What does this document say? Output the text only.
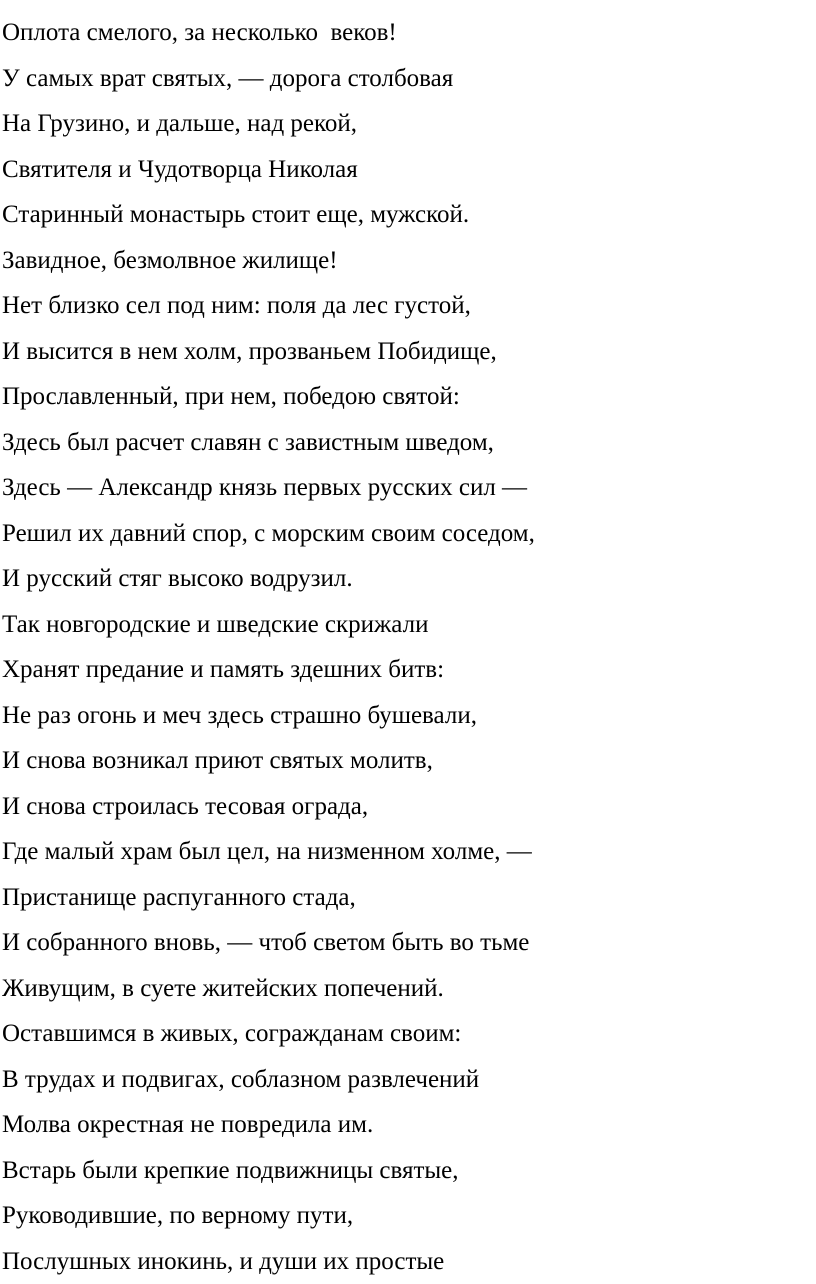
Оплота смелого, за несколько  веков!
У самых врат святых, — дорога столбовая
На Грузино, и дальше, над рекой,
Святителя и Чудотворца Николая
Старинный монастырь стоит еще, мужской.
Завидное, безмолвное жилище!
Нет близко сел под ним: поля да лес густой,
И высится в нем холм, прозваньем Побидище,
Прославленный, при нем, победою святой:
Здесь был расчет славян с завистным шведом,
Здесь — Александр князь первых русских сил —
Решил их давний спор, с морским своим соседом,
И русский стяг высоко водрузил.
Так новгородские и шведские скрижали
Хранят предание и память здешних битв:
Не раз огонь и меч здесь страшно бушевали,
И снова возникал приют святых молитв,
И снова строилась тесовая ограда,
Где малый храм был цел, на низменном холме, —
Пристанище распуганного стада,
И собранного вновь, — чтоб светом быть во тьме
Живущим, в суете житейских попечений.
Оставшимся в живых, согражданам своим:
В трудах и подвигах, соблазном развлечений
Молва окрестная не повредила им.
Встарь были крепкие подвижницы святые,
Руководившие, по верному пути,
Послушных инокинь, и души их простые
